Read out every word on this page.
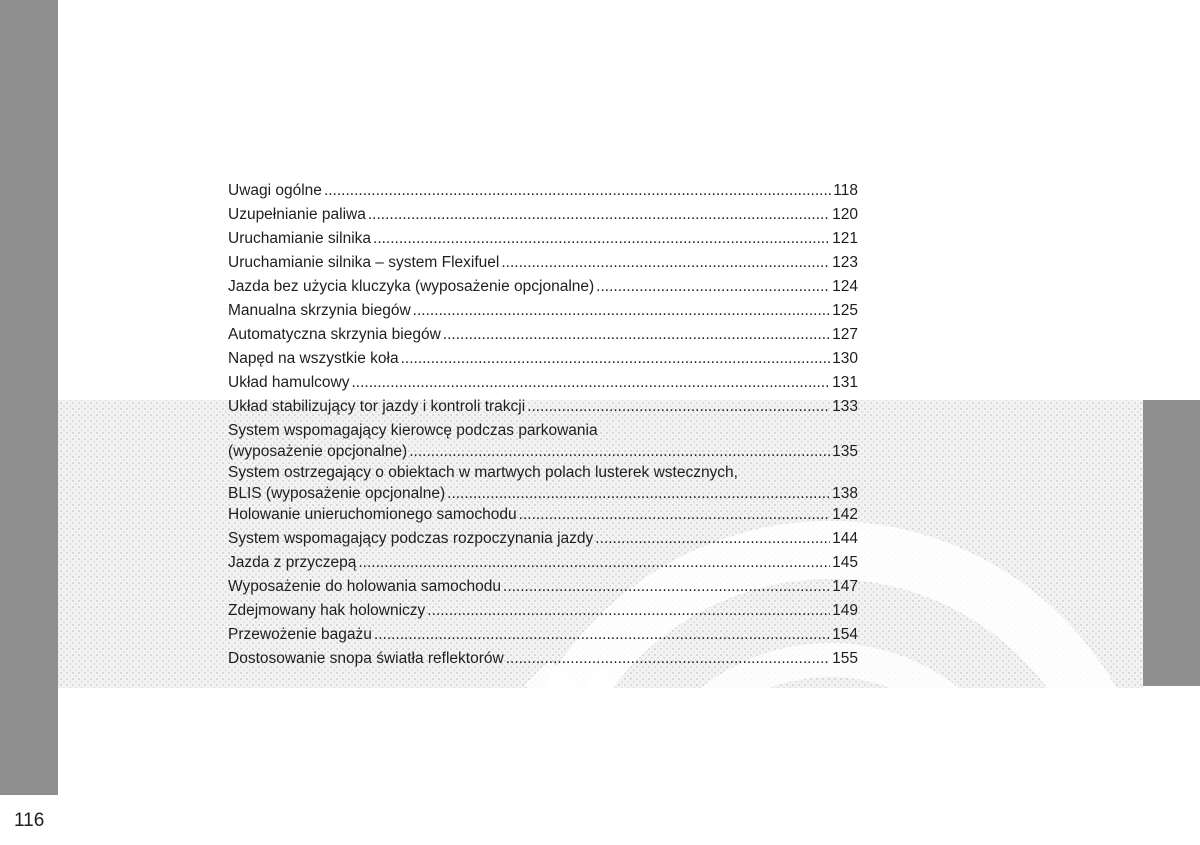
116
Uwagi ogólne .....	118
Uzupełnianie paliwa .....	120
Uruchamianie silnika .....	121
Uruchamianie silnika – system Flexifuel .....	123
Jazda bez użycia kluczyka (wyposażenie opcjonalne) .....	124
Manualna skrzynia biegów .....	125
Automatyczna skrzynia biegów .....	127
Napęd na wszystkie koła .....	130
Układ hamulcowy .....	131
Układ stabilizujący tor jazdy i kontroli trakcji .....	133
System wspomagający kierowcę podczas parkowania
(wyposażenie opcjonalne) .....	135
System ostrzegający o obiektach w martwych polach lusterek wstecznych,
BLIS (wyposażenie opcjonalne) .....	138
Holowanie unieruchomionego samochodu .....	142
System wspomagający podczas rozpoczynania jazdy .....	144
Jazda z przyczepą .....	145
Wyposażenie do holowania samochodu .....	147
Zdejmowany hak holowniczy .....	149
Przewożenie bagażu .....	154
Dostosowanie snopa światła reflektorów .....	155
